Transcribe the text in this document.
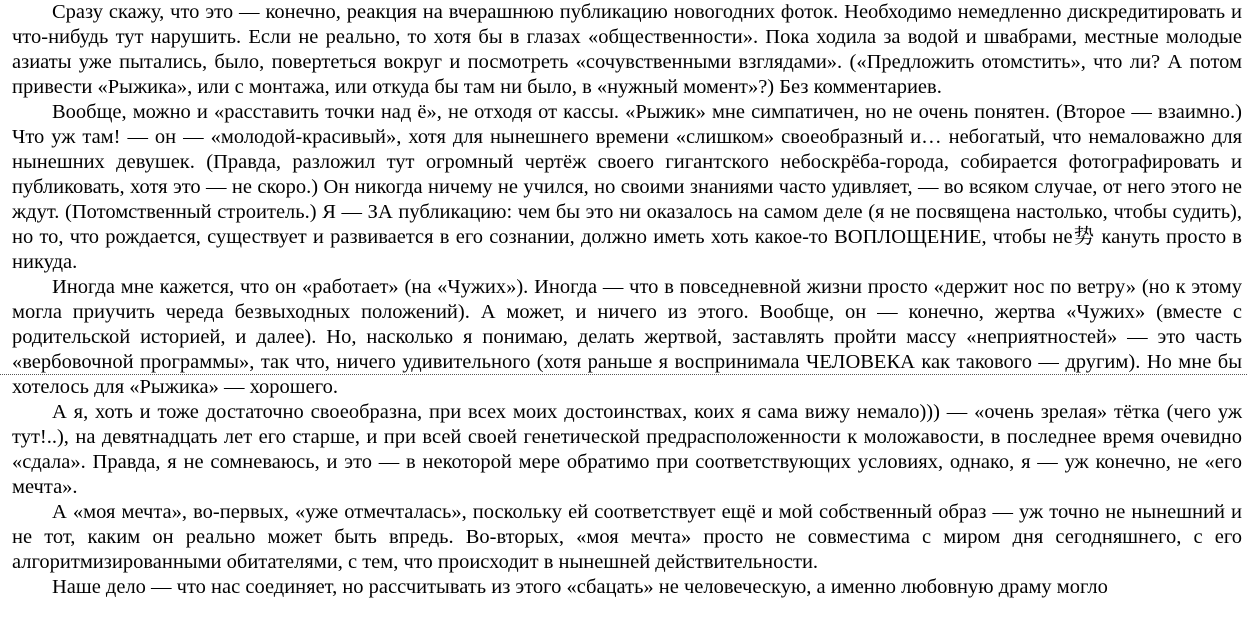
Сразу скажу, что это — конечно, реакция на вчерашнюю публикацию новогодних фоток. Необходимо немедленно дискредитировать и что-нибудь тут нарушить. Если не реально, то хотя бы в глазах «общественности». Пока ходила за водой и швабрами, местные молодые азиаты уже пытались, было, повертеться вокруг и посмотреть «сочувственными взглядами». («Предложить отомстить», что ли? А потом привести «Рыжика», или с монтажа, или откуда бы там ни было, в «нужный момент»?) Без комментариев.

Вообще, можно и «расставить точки над ё», не отходя от кассы. «Рыжик» мне симпатичен, но не очень понятен. (Второе — взаимно.) Что уж там! — он — «молодой-красивый», хотя для нынешнего времени «слишком» своеобразный и… небогатый, что немаловажно для нынешних девушек. (Правда, разложил тут огромный чертёж своего гигантского небоскрёба-города, собирается фотографировать и публиковать, хотя это — не скоро.) Он никогда ничему не учился, но своими знаниями часто удивляет, — во всяком случае, от него этого не ждут. (Потомственный строитель.) Я — ЗА публикацию: чем бы это ни оказалось на самом деле (я не посвящена настолько, чтобы судить), но то, что рождается, существует и развивается в его сознании, должно иметь хоть какое-то ВОПЛОЩЕНИЕ, чтобы не势 кануть просто в никуда.

Иногда мне кажется, что он «работает» (на «Чужих»). Иногда — что в повседневной жизни просто «держит нос по ветру» (но к этому могла приучить череда безвыходных положений). А может, и ничего из этого. Вообще, он — конечно, жертва «Чужих» (вместе с родительской историей, и далее). Но, насколько я понимаю, делать жертвой, заставлять пройти массу «неприятностей» — это часть «вербовочной программы», так что, ничего удивительного (хотя раньше я воспринимала ЧЕЛОВЕКА как такового — другим). Но мне бы хотелось для «Рыжика» — хорошего.

А я, хоть и тоже достаточно своеобразна, при всех моих достоинствах, коих я сама вижу немало))) — «очень зрелая» тётка (чего уж тут!..), на девятнадцать лет его старше, и при всей своей генетической предрасположенности к моложавости, в последнее время очевидно «сдала». Правда, я не сомневаюсь, и это — в некоторой мере обратимо при соответствующих условиях, однако, я — уж конечно, не «его мечта».

А «моя мечта», во-первых, «уже отмечталась», поскольку ей соответствует ещё и мой собственный образ — уж точно не нынешний и не тот, каким он реально может быть впредь. Во-вторых, «моя мечта» просто не совместима с миром дня сегодняшнего, с его алгоритмизированными обитателями, с тем, что происходит в нынешней действительности.

Наше дело — что нас соединяет, но рассчитывать из этого «сбацать» не человеческую, а именно любовную драму могло
